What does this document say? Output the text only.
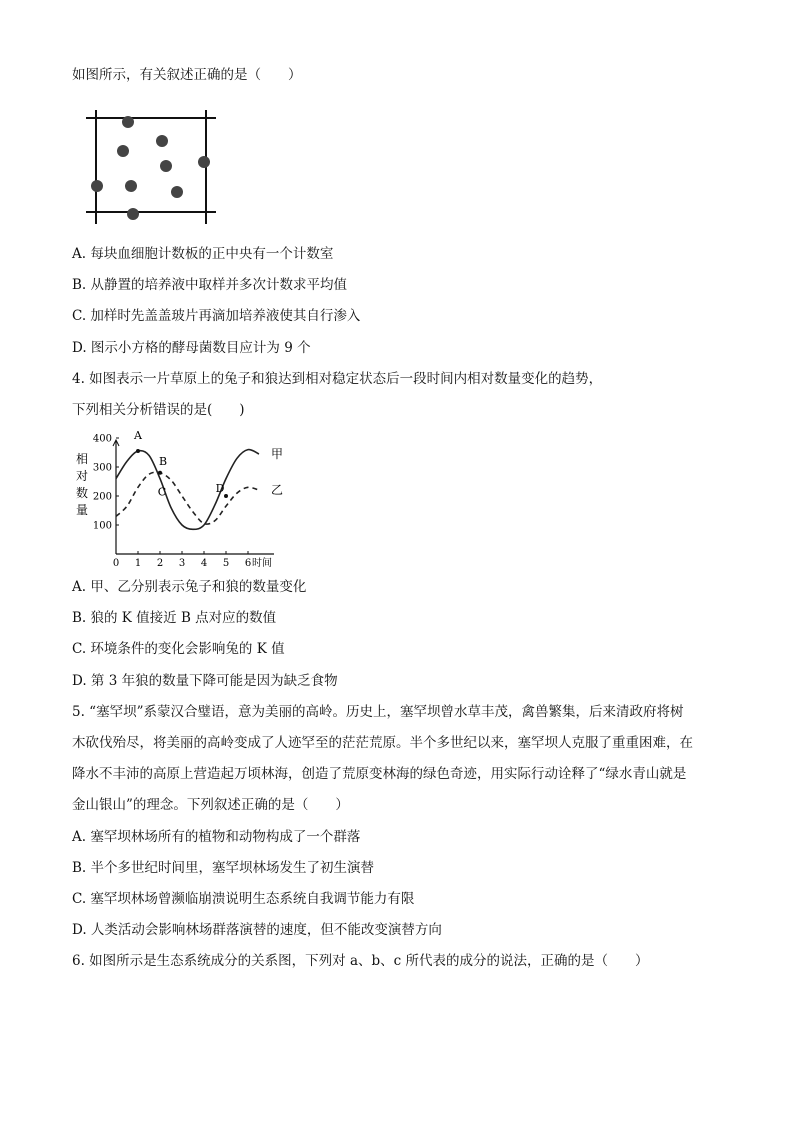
如图所示，有关叙述正确的是（　　）
A. 每块血细胞计数板的正中央有一个计数室
B. 从静置的培养液中取样并多次计数求平均值
C. 加样时先盖盖玻片再滴加培养液使其自行渗入
D. 图示小方格的酵母菌数目应计为 9 个
4. 如图表示一片草原上的兔子和狼达到相对稳定状态后一段时间内相对数量变化的趋势，
下列相关分析错误的是(　　)
0 1 2 3 4 5 6 时间
100
200
300
400
相
对
数
量
甲
乙
A
B
C	D
A. 甲、乙分别表示兔子和狼的数量变化
B. 狼的 K 值接近 B 点对应的数值
C. 环境条件的变化会影响兔的 K 值
D. 第 3 年狼的数量下降可能是因为缺乏食物
5. “塞罕坝”系蒙汉合璧语，意为美丽的高岭。历史上，塞罕坝曾水草丰茂，禽兽繁集，后来清政府将树
木砍伐殆尽，将美丽的高岭变成了人迹罕至的茫茫荒原。半个多世纪以来，塞罕坝人克服了重重困难，在
降水不丰沛的高原上营造起万顷林海，创造了荒原变林海的绿色奇迹，用实际行动诠释了“绿水青山就是
金山银山”的理念。下列叙述正确的是（　　）
A. 塞罕坝林场所有的植物和动物构成了一个群落
B. 半个多世纪时间里，塞罕坝林场发生了初生演替
C. 塞罕坝林场曾濒临崩溃说明生态系统自我调节能力有限
D. 人类活动会影响林场群落演替的速度，但不能改变演替方向
6. 如图所示是生态系统成分的关系图，下列对 a、b、c 所代表的成分的说法，正确的是（　　）
